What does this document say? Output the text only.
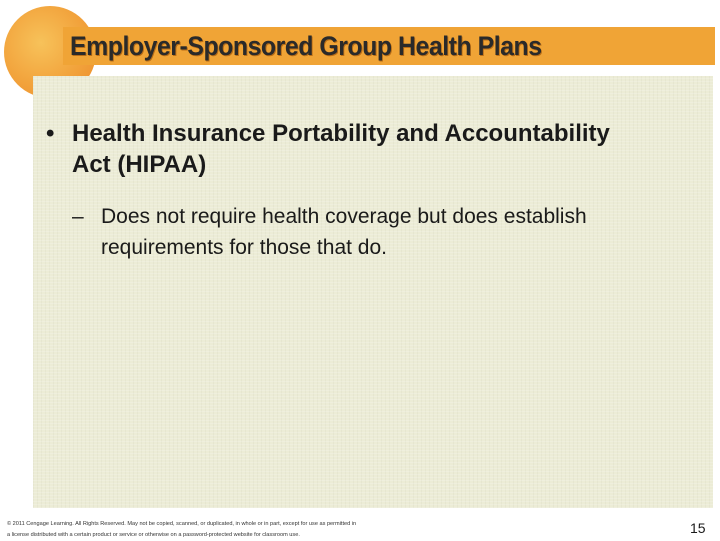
Employer-Sponsored Group Health Plans
• Health Insurance Portability and Accountability Act (HIPAA)
– Does not require health coverage but does establish requirements for those that do.
© 2011 Cengage Learning. All Rights Reserved. May not be copied, scanned, or duplicated, in whole or in part, except for use as permitted in
a license distributed with a certain product or service or otherwise on a password-protected website for classroom use.	15
